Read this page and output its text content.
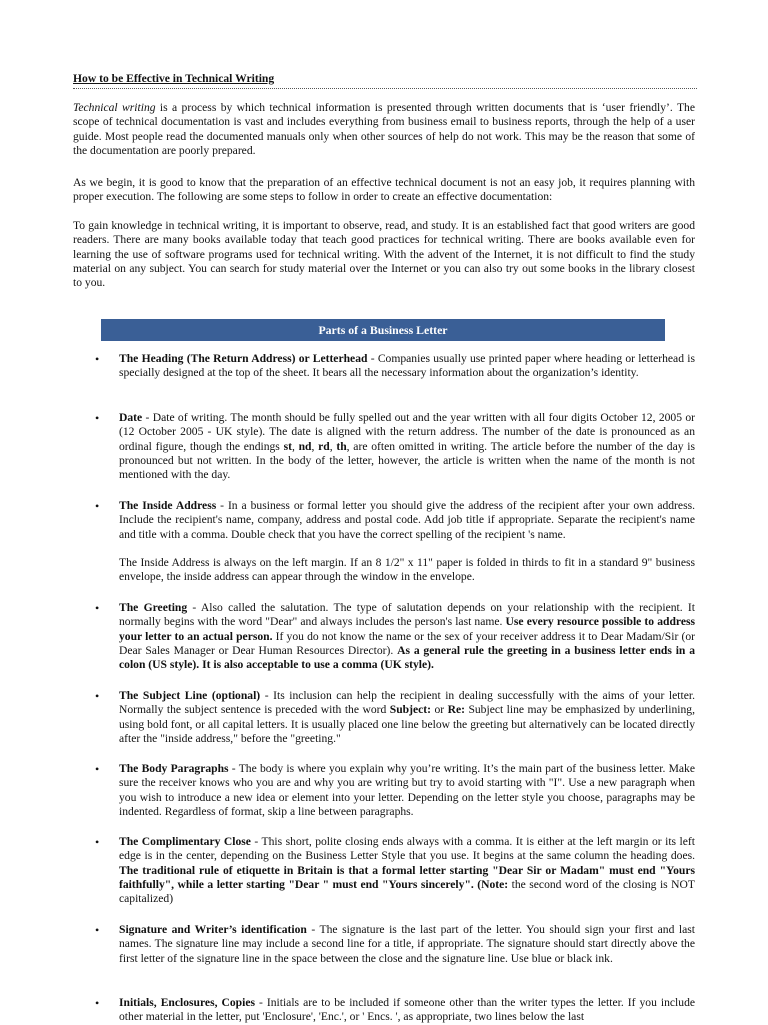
How to be Effective in Technical Writing

Technical writing is a process by which technical information is presented through written documents that is ‘user friendly’. The scope of technical documentation is vast and includes everything from business email to business reports, through the help of a user guide. Most people read the documented manuals only when other sources of help do not work. This may be the reason that some of the documentation are poorly prepared.

As we begin, it is good to know that the preparation of an effective technical document is not an easy job, it requires planning with proper execution. The following are some steps to follow in order to create an effective documentation:

To gain knowledge in technical writing, it is important to observe, read, and study. It is an established fact that good writers are good readers. There are many books available today that teach good practices for technical writing. There are books available even for learning the use of software programs used for technical writing. With the advent of the Internet, it is not difficult to find the study material on any subject. You can search for study material over the Internet or you can also try out some books in the library closest to you.

Parts of a Business Letter
• The Heading (The Return Address) or Letterhead - Companies usually use printed paper where heading or letterhead is specially designed at the top of the sheet. It bears all the necessary information about the organization’s identity.

• Date - Date of writing. The month should be fully spelled out and the year written with all four digits October 12, 2005 or (12 October 2005 - UK style). The date is aligned with the return address. The number of the date is pronounced as an ordinal figure, though the endings st, nd, rd, th, are often omitted in writing. The article before the number of the day is pronounced but not written. In the body of the letter, however, the article is written when the name of the month is not mentioned with the day.

• The Inside Address - In a business or formal letter you should give the address of the recipient after your own address. Include the recipient's name, company, address and postal code. Add job title if appropriate. Separate the recipient's name and title with a comma. Double check that you have the correct spelling of the recipient 's name.

The Inside Address is always on the left margin. If an 8 1/2" x 11" paper is folded in thirds to fit in a standard 9" business envelope, the inside address can appear through the window in the envelope.

• The Greeting - Also called the salutation. The type of salutation depends on your relationship with the recipient. It normally begins with the word "Dear" and always includes the person's last name. Use every resource possible to address your letter to an actual person. If you do not know the name or the sex of your receiver address it to Dear Madam/Sir (or Dear Sales Manager or Dear Human Resources Director). As a general rule the greeting in a business letter ends in a colon (US style). It is also acceptable to use a comma (UK style).

• The Subject Line (optional) - Its inclusion can help the recipient in dealing successfully with the aims of your letter. Normally the subject sentence is preceded with the word Subject: or Re: Subject line may be emphasized by underlining, using bold font, or all capital letters. It is usually placed one line below the greeting but alternatively can be located directly after the "inside address," before the "greeting."

• The Body Paragraphs - The body is where you explain why you’re writing. It’s the main part of the business letter. Make sure the receiver knows who you are and why you are writing but try to avoid starting with "I". Use a new paragraph when you wish to introduce a new idea or element into your letter. Depending on the letter style you choose, paragraphs may be indented. Regardless of format, skip a line between paragraphs.

• The Complimentary Close - This short, polite closing ends always with a comma. It is either at the left margin or its left edge is in the center, depending on the Business Letter Style that you use. It begins at the same column the heading does. The traditional rule of etiquette in Britain is that a formal letter starting "Dear Sir or Madam" must end "Yours faithfully", while a letter starting "Dear " must end "Yours sincerely". (Note: the second word of the closing is NOT capitalized)

• Signature and Writer’s identification - The signature is the last part of the letter. You should sign your first and last names. The signature line may include a second line for a title, if appropriate. The signature should start directly above the first letter of the signature line in the space between the close and the signature line. Use blue or black ink.

• Initials, Enclosures, Copies - Initials are to be included if someone other than the writer types the letter. If you include other material in the letter, put 'Enclosure', 'Enc.', or ' Encs. ', as appropriate, two lines below the last
